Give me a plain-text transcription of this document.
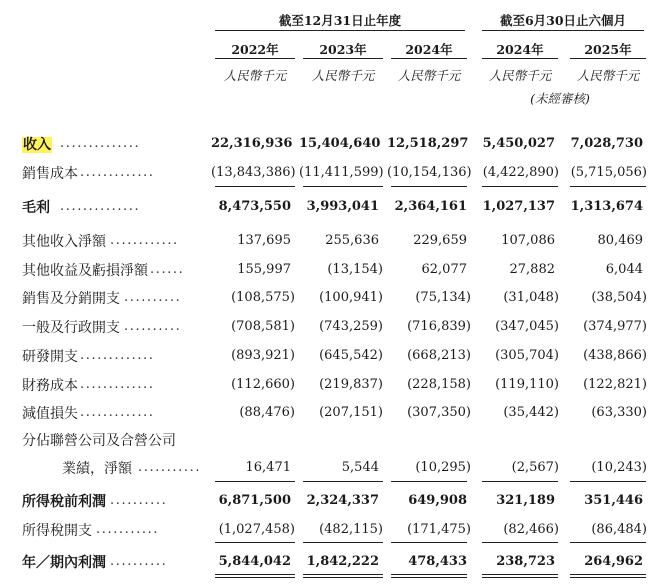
截至12月31日止年度	截至6月30日止六個月
2022年	2023年	2024年	2024年	2025年
人民幣千元	人民幣千元	人民幣千元	人民幣千元	人民幣千元
(未經審核)
收入 ..............	22,316,936 15,404,640 12,518,297	5,450,027	7,028,730
銷售成本 .............	(13,843,386) (11,411,599) (10,154,136) (4,422,890) (5,715,056)
毛利 ..............	8,473,550	3,993,041	2,364,161	1,027,137	1,313,674
其他收入淨額 ............	137,695	255,636	229,659	107,086	80,469
其他收益及虧損淨額 ......	155,997	(13,154)	62,077	27,882	6,044
銷售及分銷開支 ..........	(108,575)	(100,941)	(75,134)	(31,048)	(38,504)
一般及行政開支 ..........	(708,581)	(743,259)	(716,839)	(347,045)	(374,977)
研發開支 .............	(893,921)	(645,542)	(668,213)	(305,704)	(438,866)
財務成本 .............	(112,660)	(219,837)	(228,158)	(119,110)	(122,821)
減值損失 .............	(88,476)	(207,151)	(307,350)	(35,442)	(63,330)
分佔聯營公司及合營公司
業績，淨額 ...........	16,471	5,544	(10,295)	(2,567)	(10,243)
所得稅前利潤 ..........	6,871,500	2,324,337	649,908	321,189	351,446
所得稅開支 ...........	(1,027,458)	(482,115)	(171,475)	(82,466)	(86,484)
年／期內利潤 ..........	5,844,042	1,842,222	478,433	238,723	264,962
